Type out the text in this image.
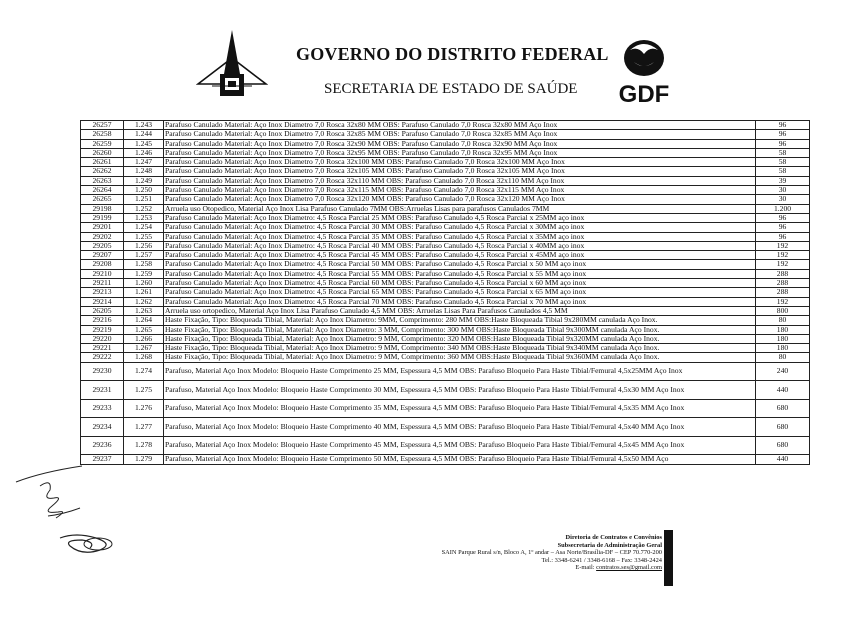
GOVERNO DO DISTRITO FEDERAL
SECRETARIA DE ESTADO DE SAÚDE GDF
26257	1.243	Parafuso Canulado Material: Aço Inox Diametro 7,0 Rosca 32x80 MM OBS: Parafuso Canulado 7,0 Rosca 32x80 MM Aço Inox	96
26258	1.244	Parafuso Canulado Material: Aço Inox Diametro 7,0 Rosca 32x85 MM OBS: Parafuso Canulado 7,0 Rosca 32x85 MM Aço Inox	96
26259	1.245	Parafuso Canulado Material: Aço Inox Diametro 7,0 Rosca 32x90 MM OBS: Parafuso Canulado 7,0 Rosca 32x90 MM Aço Inox	96
26260	1.246	Parafuso Canulado Material: Aço Inox Diametro 7,0 Rosca 32x95 MM OBS: Parafuso Canulado 7,0 Rosca 32x95 MM Aço Inox	58
26261	1.247	Parafuso Canulado Material: Aço Inox Diametro 7,0 Rosca 32x100 MM OBS: Parafuso Canulado 7,0 Rosca 32x100 MM Aço Inox	58
26262	1.248	Parafuso Canulado Material: Aço Inox Diametro 7,0 Rosca 32x105 MM OBS: Parafuso Canulado 7,0 Rosca 32x105 MM Aço Inox	58
26263	1.249	Parafuso Canulado Material: Aço Inox Diametro 7,0 Rosca 32x110 MM OBS: Parafuso Canulado 7,0 Rosca 32x110 MM Aço Inox	39
26264	1.250	Parafuso Canulado Material: Aço Inox Diametro 7,0 Rosca 32x115 MM OBS: Parafuso Canulado 7,0 Rosca 32x115 MM Aço Inox	30
26265	1.251	Parafuso Canulado Material: Aço Inox Diametro 7,0 Rosca 32x120 MM OBS: Parafuso Canulado 7,0 Rosca 32x120 MM Aço Inox	30
29198	1.252	Arruela uso Otopedico, Material Aço Inox Lisa Parafuso Canulado 7MM OBS:Arruelas Lisas para parafusos Canulados 7MM	1.200
29199	1.253	Parafuso Canulado Material: Aço Inox Diametro: 4,5 Rosca Parcial 25 MM OBS: Parafuso Canulado 4,5 Rosca Parcial x 25MM aço inox	96
29201	1.254	Parafuso Canulado Material: Aço Inox Diametro: 4,5 Rosca Parcial 30 MM OBS: Parafuso Canulado 4,5 Rosca Parcial x 30MM aço inox	96
29202	1.255	Parafuso Canulado Material: Aço Inox Diametro: 4,5 Rosca Parcial 35 MM OBS: Parafuso Canulado 4,5 Rosca Parcial x 35MM aço inox	96
29205	1.256	Parafuso Canulado Material: Aço Inox Diametro: 4,5 Rosca Parcial 40 MM OBS: Parafuso Canulado 4,5 Rosca Parcial x 40MM aço inox	192
29207	1.257	Parafuso Canulado Material: Aço Inox Diametro: 4,5 Rosca Parcial 45 MM OBS: Parafuso Canulado 4,5 Rosca Parcial x 45MM aço inox	192
29208	1.258	Parafuso Canulado Material: Aço Inox Diametro: 4,5 Rosca Parcial 50 MM OBS: Parafuso Canulado 4,5 Rosca Parcial x 50 MM aço inox	192
29210	1.259	Parafuso Canulado Material: Aço Inox Diametro: 4,5 Rosca Parcial 55 MM OBS: Parafuso Canulado 4,5 Rosca Parcial x 55 MM aço inox	288
29211	1.260	Parafuso Canulado Material: Aço Inox Diametro: 4,5 Rosca Parcial 60 MM OBS: Parafuso Canulado 4,5 Rosca Parcial x 60 MM aço inox	288
29213	1.261	Parafuso Canulado Material: Aço Inox Diametro: 4,5 Rosca Parcial 65 MM OBS: Parafuso Canulado 4,5 Rosca Parcial x 65 MM aço inox	288
29214	1.262	Parafuso Canulado Material: Aço Inox Diametro: 4,5 Rosca Parcial 70 MM OBS: Parafuso Canulado 4,5 Rosca Parcial x 70 MM aço inox	192
26205	1.263	Arruela uso ortopedico, Material Aço Inox Lisa Parafuso Canulado 4,5 MM OBS: Arruelas Lisas Para Parafusos Canulados 4,5 MM	800
29216	1.264	Haste Fixação, Tipo: Bloqueada Tibial, Material: Aço Inox Diametro: 9MM, Comprimento: 280 MM OBS:Haste Bloqueada Tibial 9x280MM canulada Aço Inox.	80
29219	1.265	Haste Fixação, Tipo: Bloqueada Tibial, Material: Aço Inox Diametro: 3 MM, Comprimento: 300 MM OBS:Haste Bloqueada Tibial 9x300MM canulada Aço Inox.	180
29220	1.266	Haste Fixação, Tipo: Bloqueada Tibial, Material: Aço Inox Diametro: 9 MM, Comprimento: 320 MM OBS:Haste Bloqueada Tibial 9x320MM canulada Aço Inox.	180
29221	1.267	Haste Fixação, Tipo: Bloqueada Tibial, Material: Aço Inox Diametro: 9 MM, Comprimento: 340 MM OBS:Haste Bloqueada Tibial 9x340MM canulada Aço Inox.	180
29222	1.268	Haste Fixação, Tipo: Bloqueada Tibial, Material: Aço Inox Diametro: 9 MM, Comprimento: 360 MM OBS:Haste Bloqueada Tibial 9x360MM canulada Aço Inox.	80
29230	1.274	Parafuso, Material Aço Inox Modelo: Bloqueio Haste Comprimento 25 MM, Espessura 4,5 MM OBS: Parafuso Bloqueio Para Haste Tibial/Femural 4,5x25MM Aço Inox	240
29231	1.275	Parafuso, Material Aço Inox Modelo: Bloqueio Haste Comprimento 30 MM, Espessura 4,5 MM OBS: Parafuso Bloqueio Para Haste Tibial/Femural 4,5x30 MM Aço Inox	440
29233	1.276	Parafuso, Material Aço Inox Modelo: Bloqueio Haste Comprimento 35 MM, Espessura 4,5 MM OBS: Parafuso Bloqueio Para Haste Tibial/Femural 4,5x35 MM Aço Inox	680
29234	1.277	Parafuso, Material Aço Inox Modelo: Bloqueio Haste Comprimento 40 MM, Espessura 4,5 MM OBS: Parafuso Bloqueio Para Haste Tibial/Femural 4,5x40 MM Aço Inox	680
29236	1.278	Parafuso, Material Aço Inox Modelo: Bloqueio Haste Comprimento 45 MM, Espessura 4,5 MM OBS: Parafuso Bloqueio Para Haste Tibial/Femural 4,5x45 MM Aço Inox	680
29237	1.279	Parafuso, Material Aço Inox Modelo: Bloqueio Haste Comprimento 50 MM, Espessura 4,5 MM OBS: Parafuso Bloqueio Para Haste Tibial/Femural 4,5x50 MM Aço	440
Diretoria de Contratos e Convênios
Subsecretaria de Administração Geral
SAIN Parque Rural s/n, Bloco A, 1º andar – Asa Norte/Brasília-DF – CEP 70.770-200
Tel.: 3348-6241 / 3348-6168 – Fax: 3348-2424
E-mail: contratos.ses@gmail.com
